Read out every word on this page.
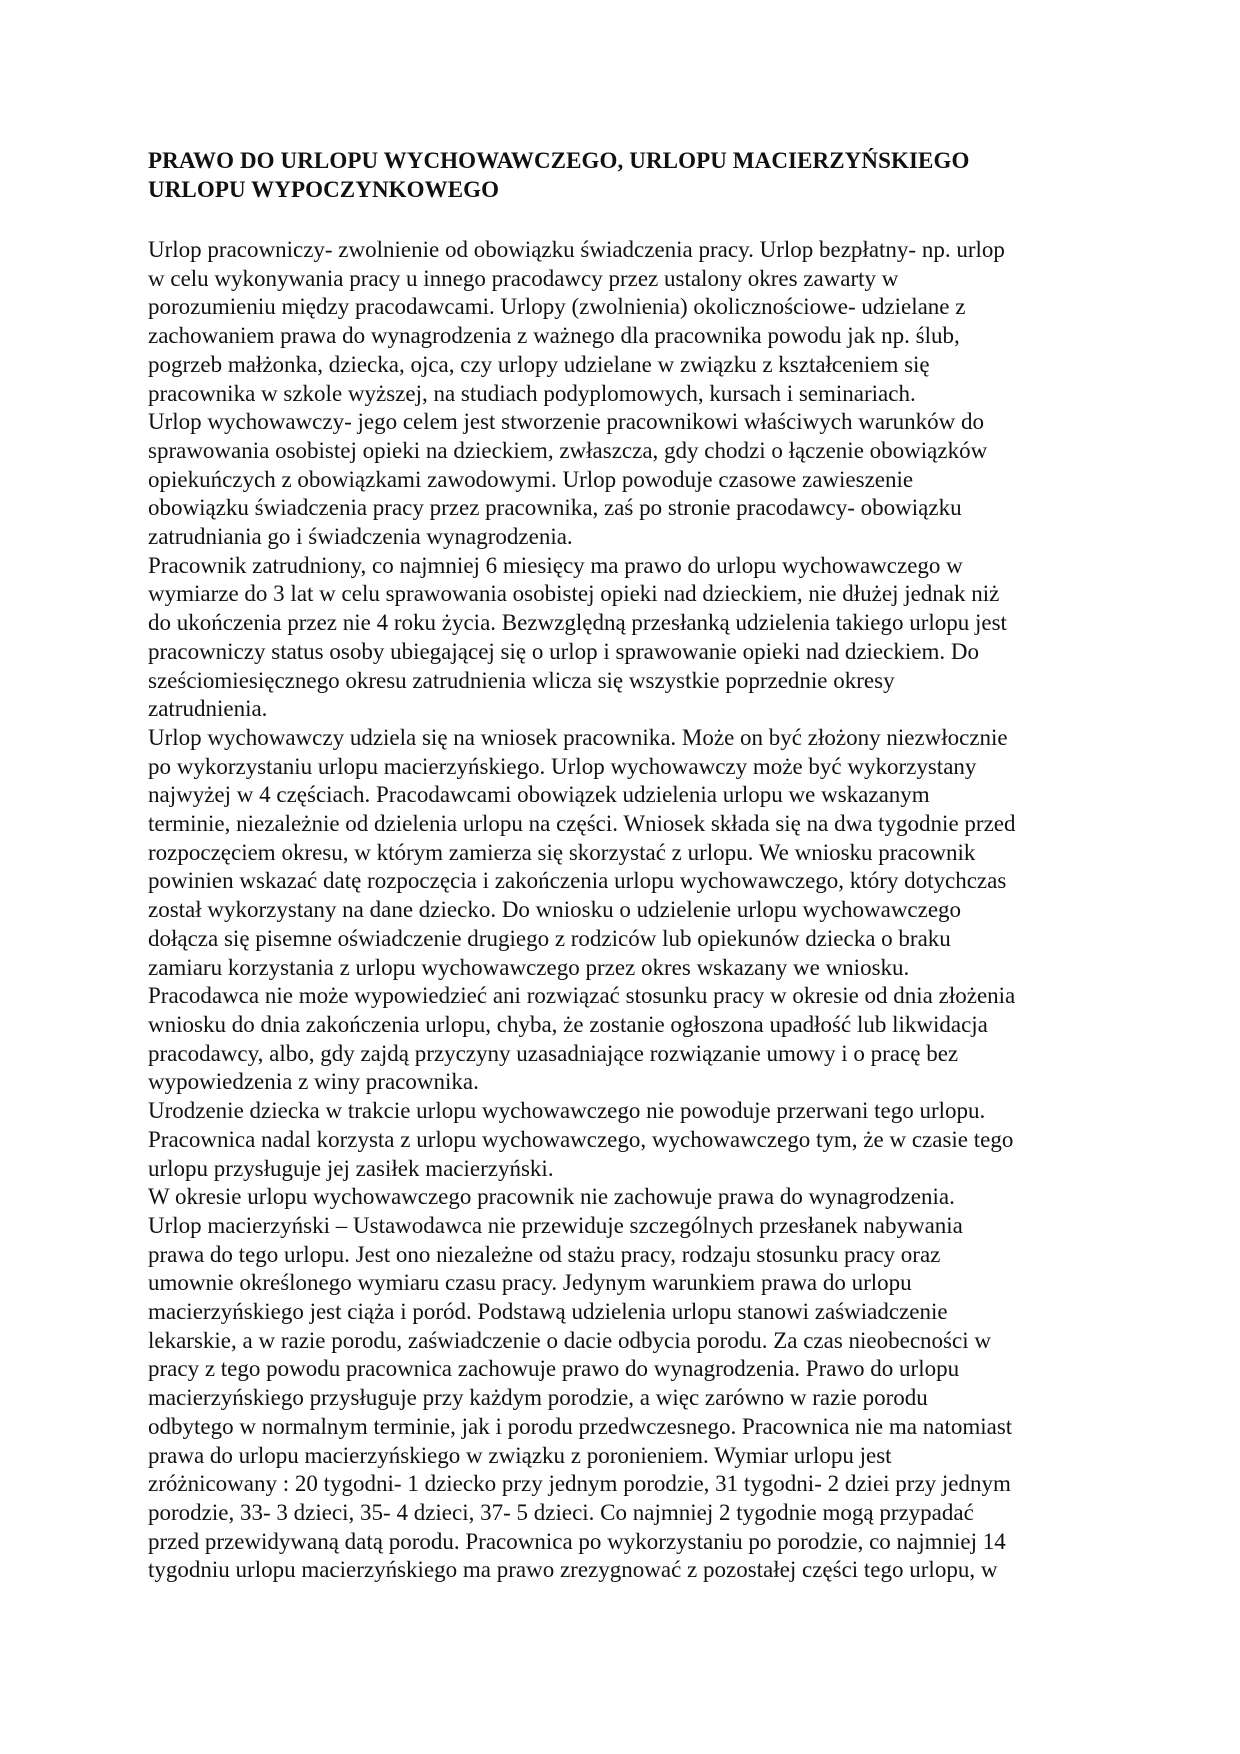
PRAWO DO URLOPU WYCHOWAWCZEGO, URLOPU MACIERZYŃSKIEGO
URLOPU WYPOCZYNKOWEGO
Urlop pracowniczy- zwolnienie od obowiązku świadczenia pracy. Urlop bezpłatny- np. urlop
w celu wykonywania pracy u innego pracodawcy przez ustalony okres zawarty w
porozumieniu między pracodawcami. Urlopy (zwolnienia) okolicznościowe- udzielane z
zachowaniem prawa do wynagrodzenia z ważnego dla pracownika powodu jak np. ślub,
pogrzeb małżonka, dziecka, ojca, czy urlopy udzielane w związku z kształceniem się
pracownika w szkole wyższej, na studiach podyplomowych, kursach i seminariach.
Urlop wychowawczy- jego celem jest stworzenie pracownikowi właściwych warunków do
sprawowania osobistej opieki na dzieckiem, zwłaszcza, gdy chodzi o łączenie obowiązków
opiekuńczych z obowiązkami zawodowymi. Urlop powoduje czasowe zawieszenie
obowiązku świadczenia pracy przez pracownika, zaś po stronie pracodawcy- obowiązku
zatrudniania go i świadczenia wynagrodzenia.
Pracownik zatrudniony, co najmniej 6 miesięcy ma prawo do urlopu wychowawczego w
wymiarze do 3 lat w celu sprawowania osobistej opieki nad dzieckiem, nie dłużej jednak niż
do ukończenia przez nie 4 roku życia. Bezwzględną przesłanką udzielenia takiego urlopu jest
pracowniczy status osoby ubiegającej się o urlop i sprawowanie opieki nad dzieckiem. Do
sześciomiesięcznego okresu zatrudnienia wlicza się wszystkie poprzednie okresy
zatrudnienia.
Urlop wychowawczy udziela się na wniosek pracownika. Może on być złożony niezwłocznie
po wykorzystaniu urlopu macierzyńskiego. Urlop wychowawczy może być wykorzystany
najwyżej w 4 częściach. Pracodawcami obowiązek udzielenia urlopu we wskazanym
terminie, niezależnie od dzielenia urlopu na części. Wniosek składa się na dwa tygodnie przed
rozpoczęciem okresu, w którym zamierza się skorzystać z urlopu. We wniosku pracownik
powinien wskazać datę rozpoczęcia i zakończenia urlopu wychowawczego, który dotychczas
został wykorzystany na dane dziecko. Do wniosku o udzielenie urlopu wychowawczego
dołącza się pisemne oświadczenie drugiego z rodziców lub opiekunów dziecka o braku
zamiaru korzystania z urlopu wychowawczego przez okres wskazany we wniosku.
Pracodawca nie może wypowiedzieć ani rozwiązać stosunku pracy w okresie od dnia złożenia
wniosku do dnia zakończenia urlopu, chyba, że zostanie ogłoszona upadłość lub likwidacja
pracodawcy, albo, gdy zajdą przyczyny uzasadniające rozwiązanie umowy i o pracę bez
wypowiedzenia z winy pracownika.
Urodzenie dziecka w trakcie urlopu wychowawczego nie powoduje przerwani tego urlopu.
Pracownica nadal korzysta z urlopu wychowawczego, wychowawczego tym, że w czasie tego
urlopu przysługuje jej zasiłek macierzyński.
W okresie urlopu wychowawczego pracownik nie zachowuje prawa do wynagrodzenia.
Urlop macierzyński – Ustawodawca nie przewiduje szczególnych przesłanek nabywania
prawa do tego urlopu. Jest ono niezależne od stażu pracy, rodzaju stosunku pracy oraz
umownie określonego wymiaru czasu pracy. Jedynym warunkiem prawa do urlopu
macierzyńskiego jest ciąża i poród. Podstawą udzielenia urlopu stanowi zaświadczenie
lekarskie, a w razie porodu, zaświadczenie o dacie odbycia porodu. Za czas nieobecności w
pracy z tego powodu pracownica zachowuje prawo do wynagrodzenia. Prawo do urlopu
macierzyńskiego przysługuje przy każdym porodzie, a więc zarówno w razie porodu
odbytego w normalnym terminie, jak i porodu przedwczesnego. Pracownica nie ma natomiast
prawa do urlopu macierzyńskiego w związku z poronieniem. Wymiar urlopu jest
zróżnicowany : 20 tygodni- 1 dziecko przy jednym porodzie, 31 tygodni- 2 dziei przy jednym
porodzie, 33- 3 dzieci, 35- 4 dzieci, 37- 5 dzieci. Co najmniej 2 tygodnie mogą przypadać
przed przewidywaną datą porodu. Pracownica po wykorzystaniu po porodzie, co najmniej 14
tygodniu urlopu macierzyńskiego ma prawo zrezygnować z pozostałej części tego urlopu, w
